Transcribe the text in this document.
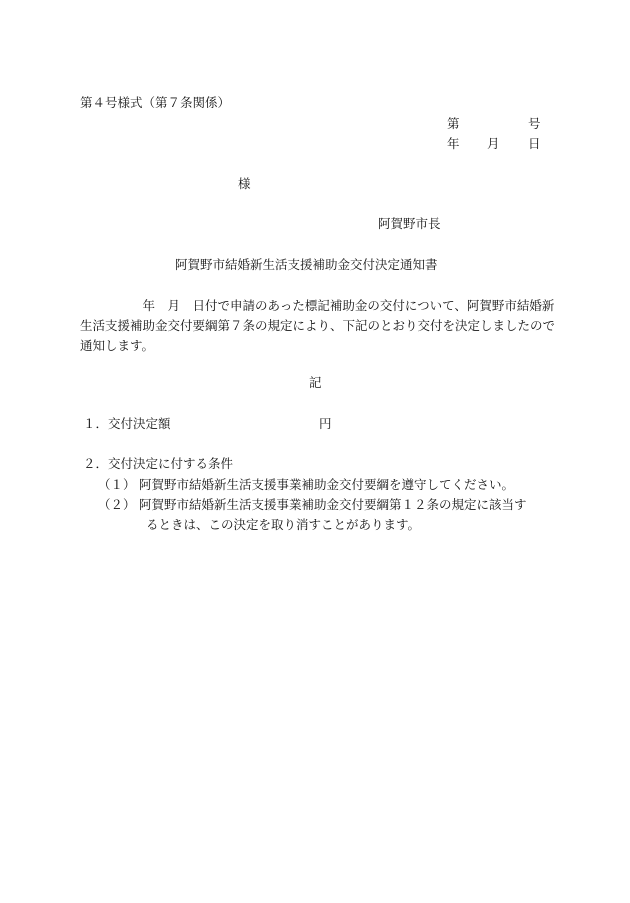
第４号様式（第７条関係）
第	号
年 月 日
様
阿賀野市長
阿賀野市結婚新生活支援補助金交付決定通知書

　　　　　年　月　日付で申請のあった標記補助金の交付について、阿賀野市結婚新生活支援補助金交付要綱第７条の規定により、下記のとおり交付を決定しましたので通知します。

記
１．交付決定額	円
２．交付決定に付する条件
（１） 阿賀野市結婚新生活支援事業補助金交付要綱を遵守してください。
（２） 阿賀野市結婚新生活支援事業補助金交付要綱第１２条の規定に該当す
るときは、この決定を取り消すことがあります。
